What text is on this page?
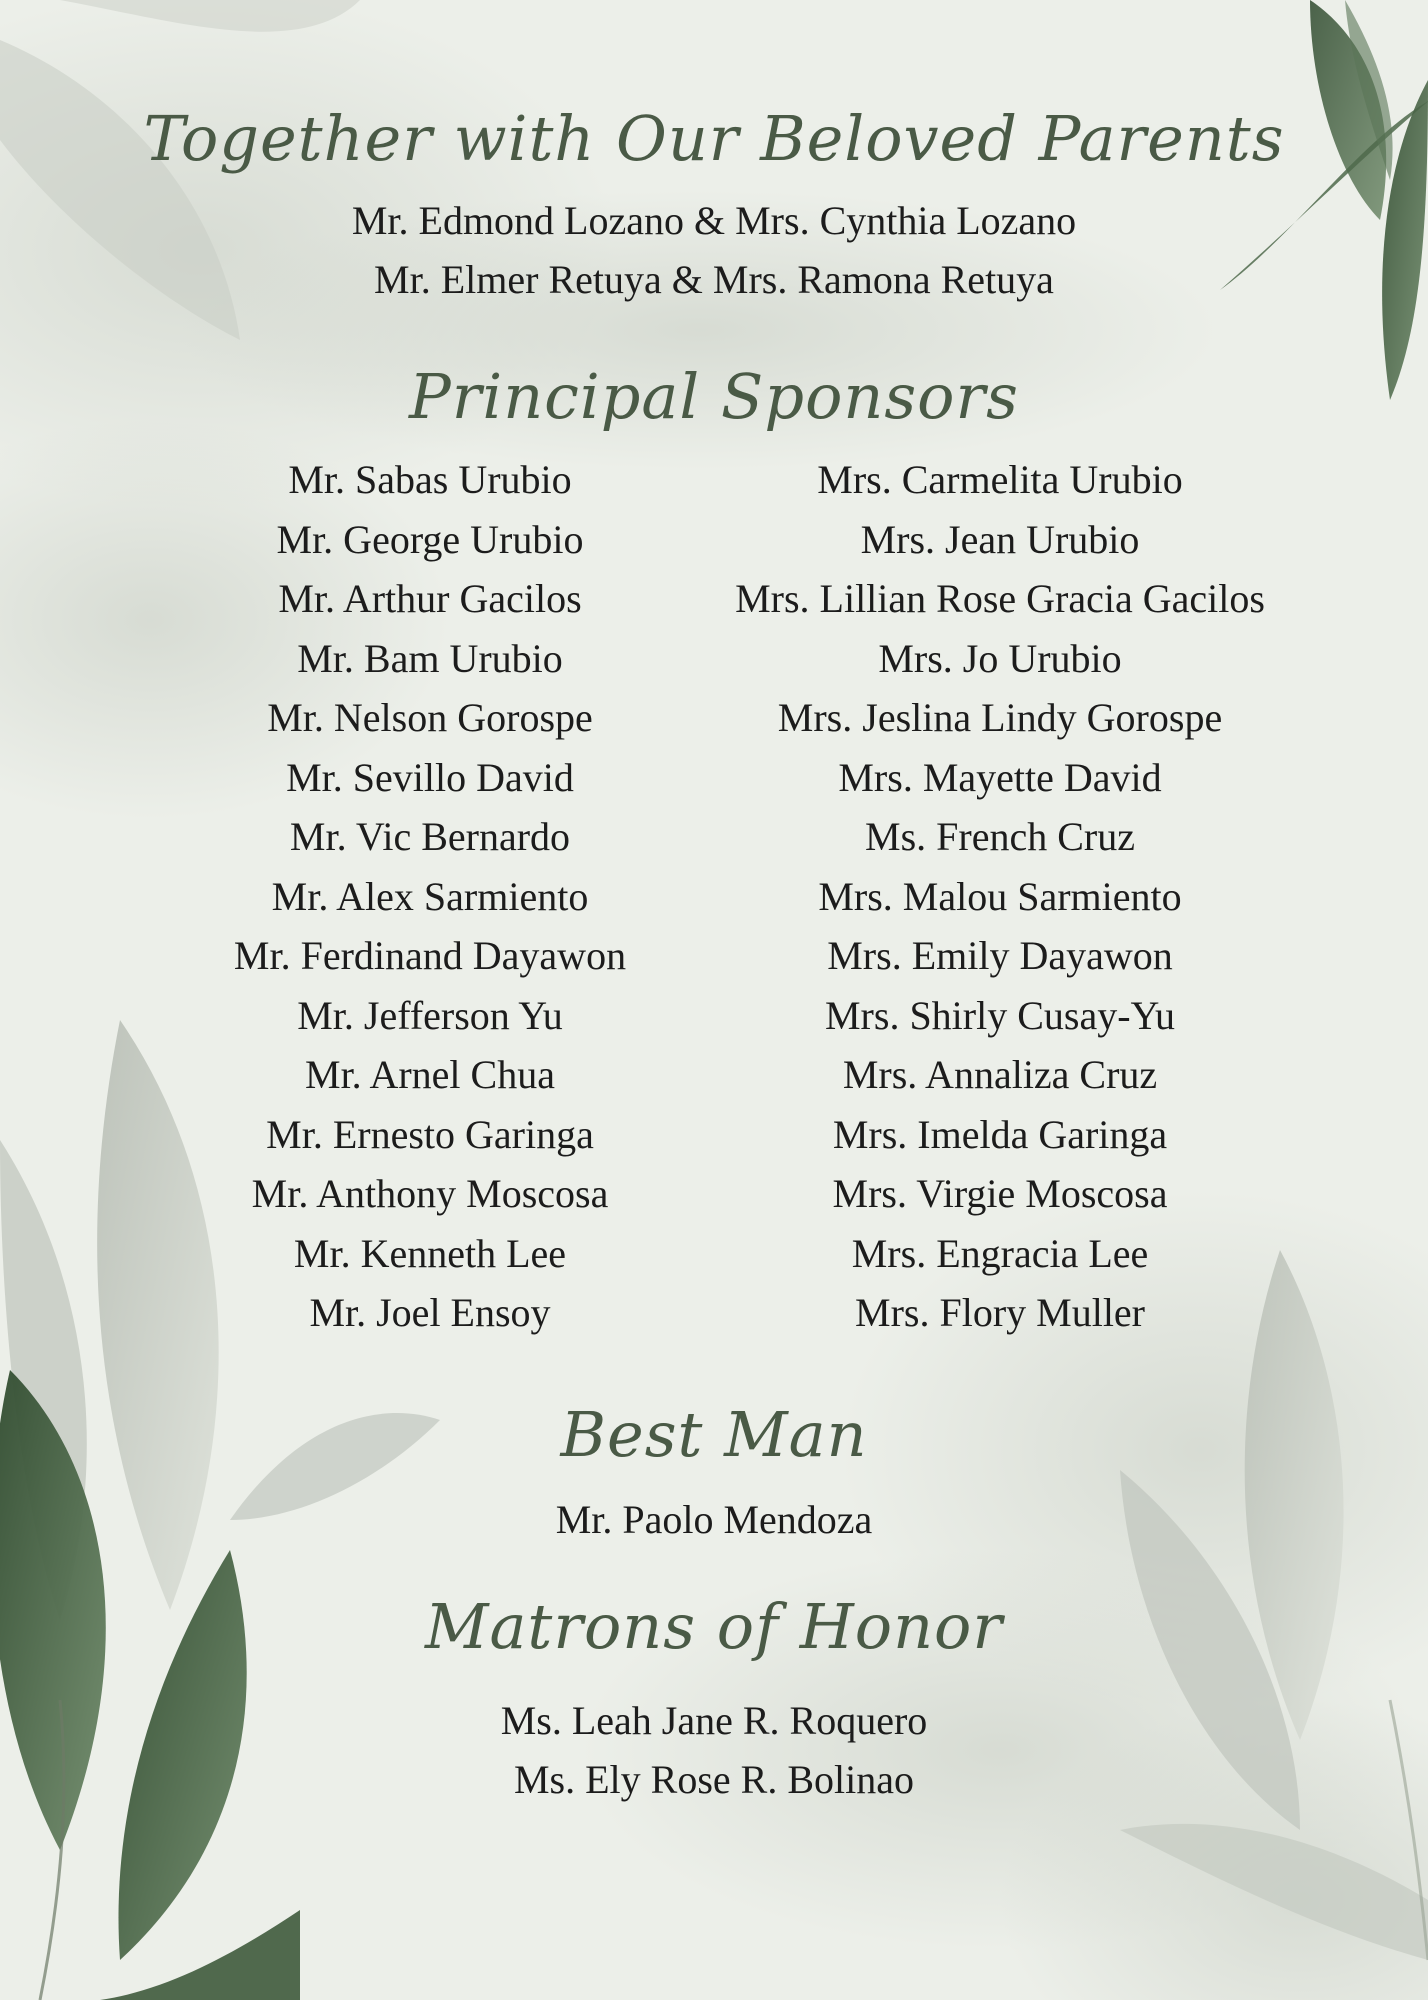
Together with Our Beloved Parents
Mr. Edmond Lozano & Mrs. Cynthia Lozano
Mr. Elmer Retuya & Mrs. Ramona Retuya
Principal Sponsors
Mr. Sabas Urubio
Mr. George Urubio
Mr. Arthur Gacilos
Mr. Bam Urubio
Mr. Nelson Gorospe
Mr. Sevillo David
Mr. Vic Bernardo
Mr. Alex Sarmiento
Mr. Ferdinand Dayawon
Mr. Jefferson Yu
Mr. Arnel Chua
Mr. Ernesto Garinga
Mr. Anthony Moscosa
Mr. Kenneth Lee
Mr. Joel Ensoy
Mrs. Carmelita Urubio
Mrs. Jean Urubio
Mrs. Lillian Rose Gracia Gacilos
Mrs. Jo Urubio
Mrs. Jeslina Lindy Gorospe
Mrs. Mayette David
Ms. French Cruz
Mrs. Malou Sarmiento
Mrs. Emily Dayawon
Mrs. Shirly Cusay-Yu
Mrs. Annaliza Cruz
Mrs. Imelda Garinga
Mrs. Virgie Moscosa
Mrs. Engracia Lee
Mrs. Flory Muller
Best Man
Mr. Paolo Mendoza
Matrons of Honor
Ms. Leah Jane R. Roquero
Ms. Ely Rose R. Bolinao
